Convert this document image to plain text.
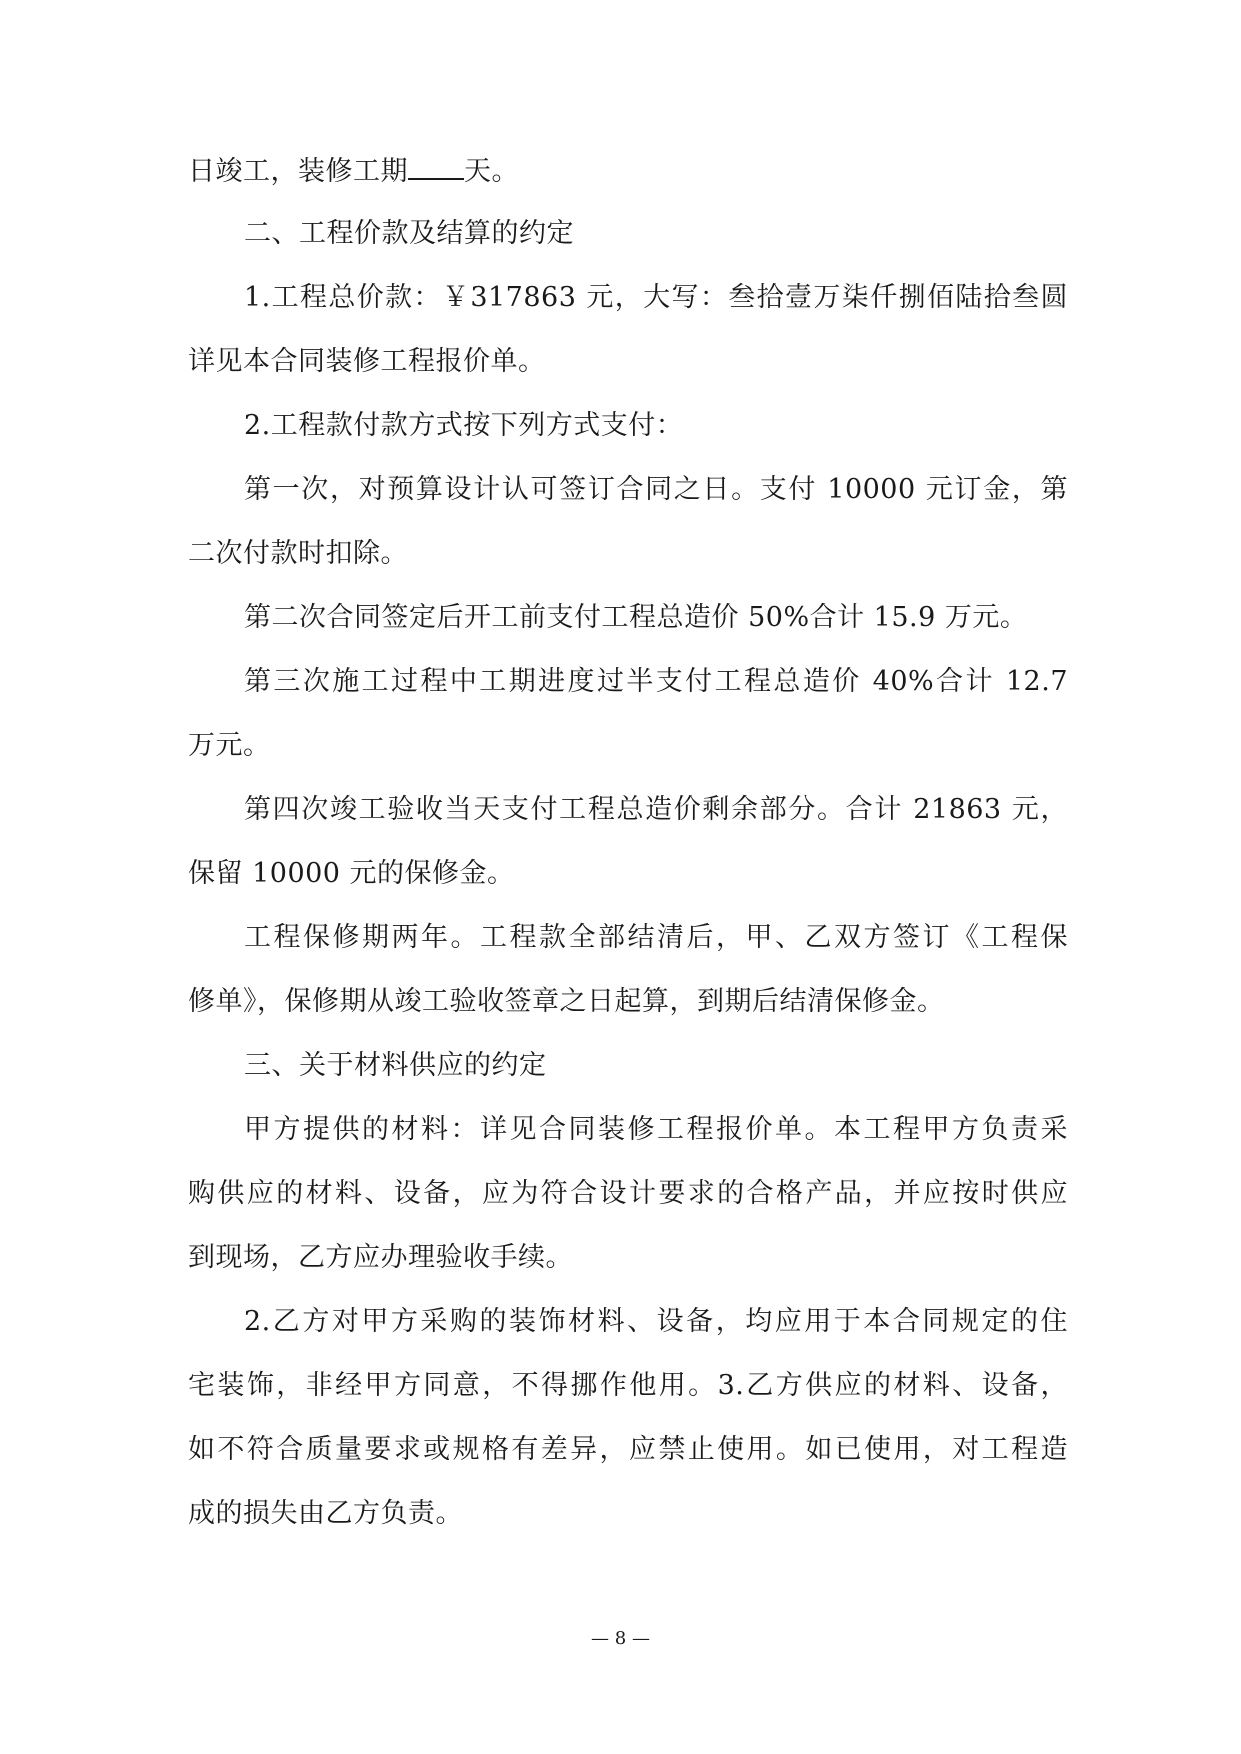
日竣工，装修工期 天。
二、工程价款及结算的约定
1.工程总价款：￥317863 元，大写：叁拾壹万柒仟捌佰陆拾叁圆
详见本合同装修工程报价单。
2.工程款付款方式按下列方式支付：
第一次，对预算设计认可签订合同之日。支付 10000 元订金，第
二次付款时扣除。
第二次合同签定后开工前支付工程总造价 50%合计 15.9 万元。
第三次施工过程中工期进度过半支付工程总造价 40%合计 12.7
万元。
第四次竣工验收当天支付工程总造价剩余部分。合计 21863 元，
保留 10000 元的保修金。
工程保修期两年。工程款全部结清后，甲、乙双方签订《工程保
修单》，保修期从竣工验收签章之日起算，到期后结清保修金。
三、关于材料供应的约定
甲方提供的材料：详见合同装修工程报价单。本工程甲方负责采
购供应的材料、设备，应为符合设计要求的合格产品，并应按时供应
到现场，乙方应办理验收手续。
2.乙方对甲方采购的装饰材料、设备，均应用于本合同规定的住
宅装饰，非经甲方同意，不得挪作他用。3.乙方供应的材料、设备，
如不符合质量要求或规格有差异，应禁止使用。如已使用，对工程造
成的损失由乙方负责。
— 8 —
